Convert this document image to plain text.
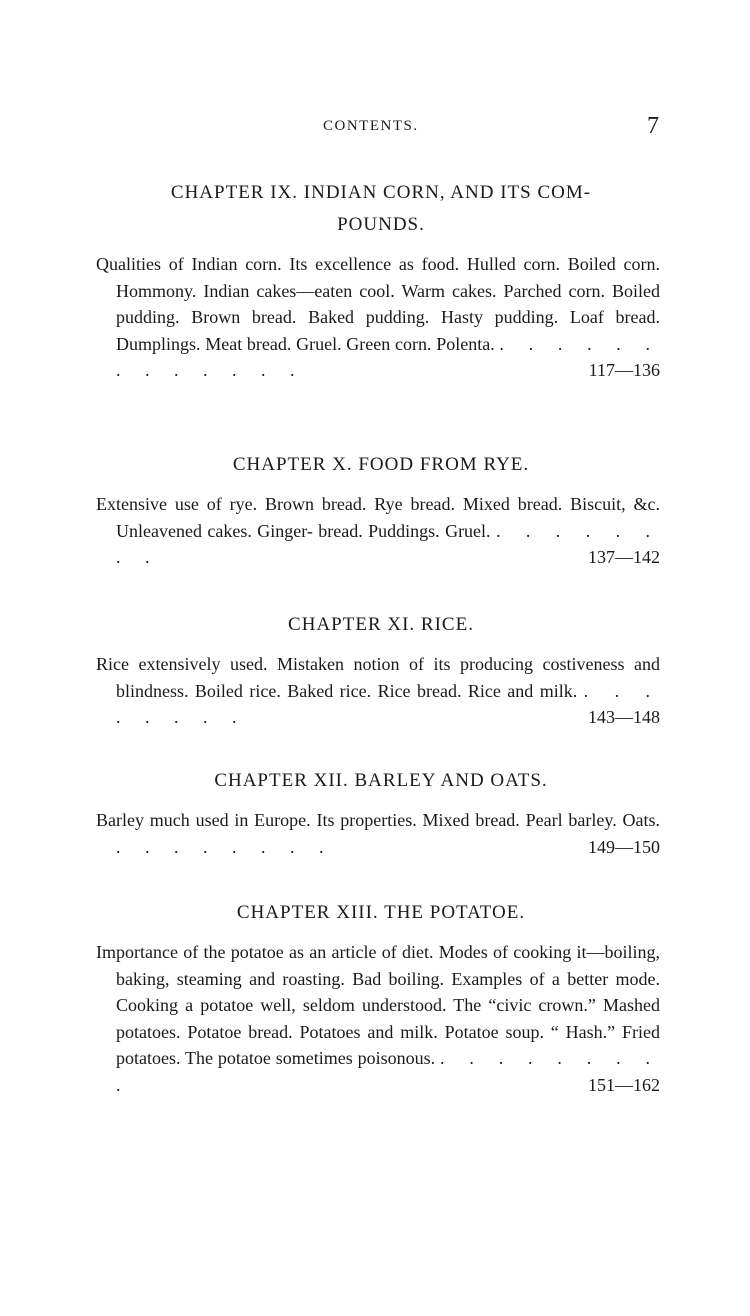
CONTENTS.	7
CHAPTER IX. INDIAN CORN, AND ITS COM-
POUNDS.

Qualities of Indian corn. Its excellence as food. Hulled corn. Boiled corn. Hommony. Indian cakes—eaten cool. Warm cakes. Parched corn. Boiled pudding. Brown bread. Baked pudding. Hasty pudding. Loaf bread. Dumplings. Meat bread. Gruel. Green corn. Polenta. . . . . . . . . . . . . .	117—136

CHAPTER X. FOOD FROM RYE.

Extensive use of rye. Brown bread. Rye bread. Mixed bread. Biscuit, &c. Unleavened cakes. Ginger- bread. Puddings. Gruel. . . . . . . . .	137—142

CHAPTER XI. RICE.

Rice extensively used. Mistaken notion of its producing costiveness and blindness. Boiled rice. Baked rice. Rice bread. Rice and milk. . . . . . . . .	143—148

CHAPTER XII. BARLEY AND OATS.

Barley much used in Europe. Its properties. Mixed bread. Pearl barley. Oats. . . . . . . . .	149—150

CHAPTER XIII. THE POTATOE.

Importance of the potatoe as an article of diet. Modes of cooking it—boiling, baking, steaming and roasting. Bad boiling. Examples of a better mode. Cooking a potatoe well, seldom understood. The “civic crown.” Mashed potatoes. Potatoe bread. Potatoes and milk. Potatoe soup. “ Hash.” Fried potatoes. The potatoe sometimes poisonous. . . . . . . . . .	151—162
